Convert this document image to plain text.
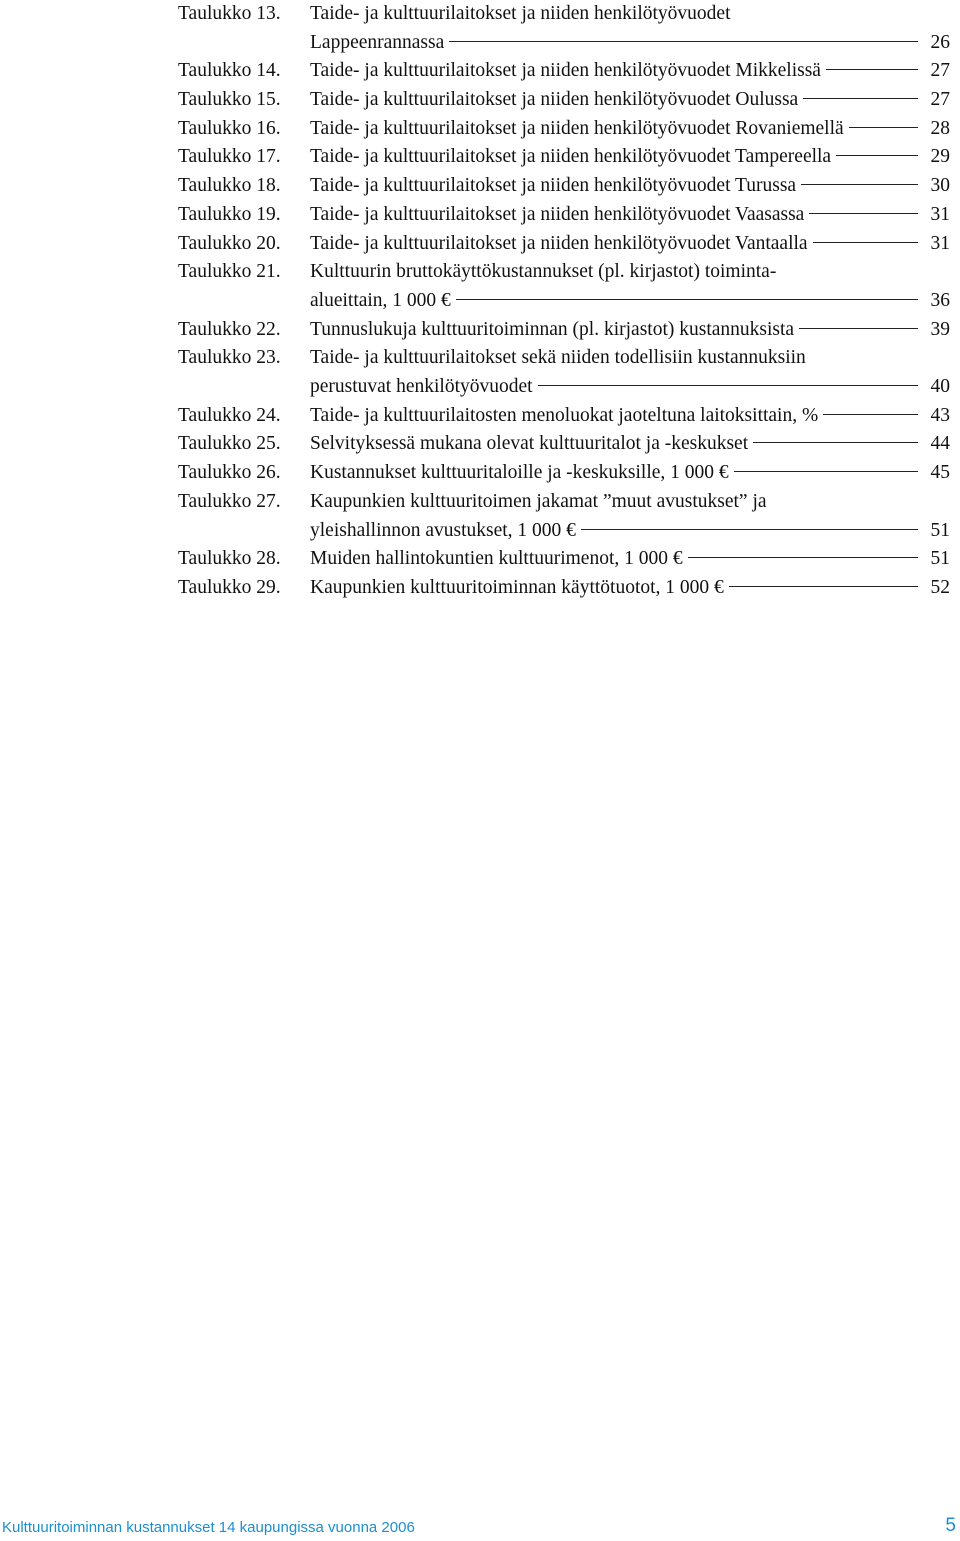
Taulukko 13.	Taide- ja kulttuurilaitokset ja niiden henkilötyövuodet
Lappeenrannassa	26
Taulukko 14.	Taide- ja kulttuurilaitokset ja niiden henkilötyövuodet Mikkelissä	27
Taulukko 15.	Taide- ja kulttuurilaitokset ja niiden henkilötyövuodet Oulussa	27
Taulukko 16.	Taide- ja kulttuurilaitokset ja niiden henkilötyövuodet Rovaniemellä	28
Taulukko 17.	Taide- ja kulttuurilaitokset ja niiden henkilötyövuodet Tampereella	29
Taulukko 18.	Taide- ja kulttuurilaitokset ja niiden henkilötyövuodet Turussa	30
Taulukko 19.	Taide- ja kulttuurilaitokset ja niiden henkilötyövuodet Vaasassa	31
Taulukko 20.	Taide- ja kulttuurilaitokset ja niiden henkilötyövuodet Vantaalla	31
Taulukko 21.	Kulttuurin bruttokäyttökustannukset (pl. kirjastot) toiminta-
alueittain, 1 000 €	36
Taulukko 22.	Tunnuslukuja kulttuuritoiminnan (pl. kirjastot) kustannuksista	39
Taulukko 23.	Taide- ja kulttuurilaitokset sekä niiden todellisiin kustannuksiin
perustuvat henkilötyövuodet	40
Taulukko 24.	Taide- ja kulttuurilaitosten menoluokat jaoteltuna laitoksittain, %	43
Taulukko 25.	Selvityksessä mukana olevat kulttuuritalot ja -keskukset	44
Taulukko 26.	Kustannukset kulttuuritaloille ja -keskuksille, 1 000 €	45
Taulukko 27.	Kaupunkien kulttuuritoimen jakamat ”muut avustukset” ja
yleishallinnon avustukset, 1 000 €	51
Taulukko 28.	Muiden hallintokuntien kulttuurimenot, 1 000 €	51
Taulukko 29.	Kaupunkien kulttuuritoiminnan käyttötuotot, 1 000 €	52
Kulttuuritoiminnan kustannukset 14 kaupungissa vuonna 2006	5
